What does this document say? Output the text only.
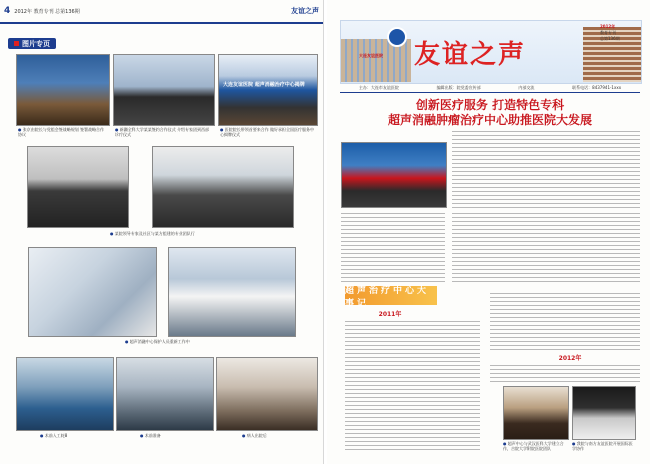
4 2012年 教育专刊 总第136期	友谊之声
图片专页
大连友谊医院 超声消融治疗中心揭牌
● 张京由院长与党组会签战略规划 签署战略合作协议
● 新疆全科大学某某签约合作仪式 介绍专家团到西部诊疗仪式
● 医院院长带领首要来合作 做好承担全国医疗服务中心揭牌仪式
● 某院领导专家及社区与某方组建的专业团队行
● 超声消融中心保护人员重新工作中
● 术前入工耗8	● 术前准备	● 病人出院后
大连友谊医院	友谊之声
2012年
教育专刊
总第136期
主办：大连市友谊医院	编辑出版：院党委宣传部	内部交流	联系电话：8437941-1xxx
创新医疗服务 打造特色专科
超声消融肿瘤治疗中心助推医院大发展
超声治疗中心大事记
2011年
2012年
● 超声中心与武汉医科大学建立合作，吉院大学附院医院团队
● 我院与南方友谊医院开展国际医学协作
